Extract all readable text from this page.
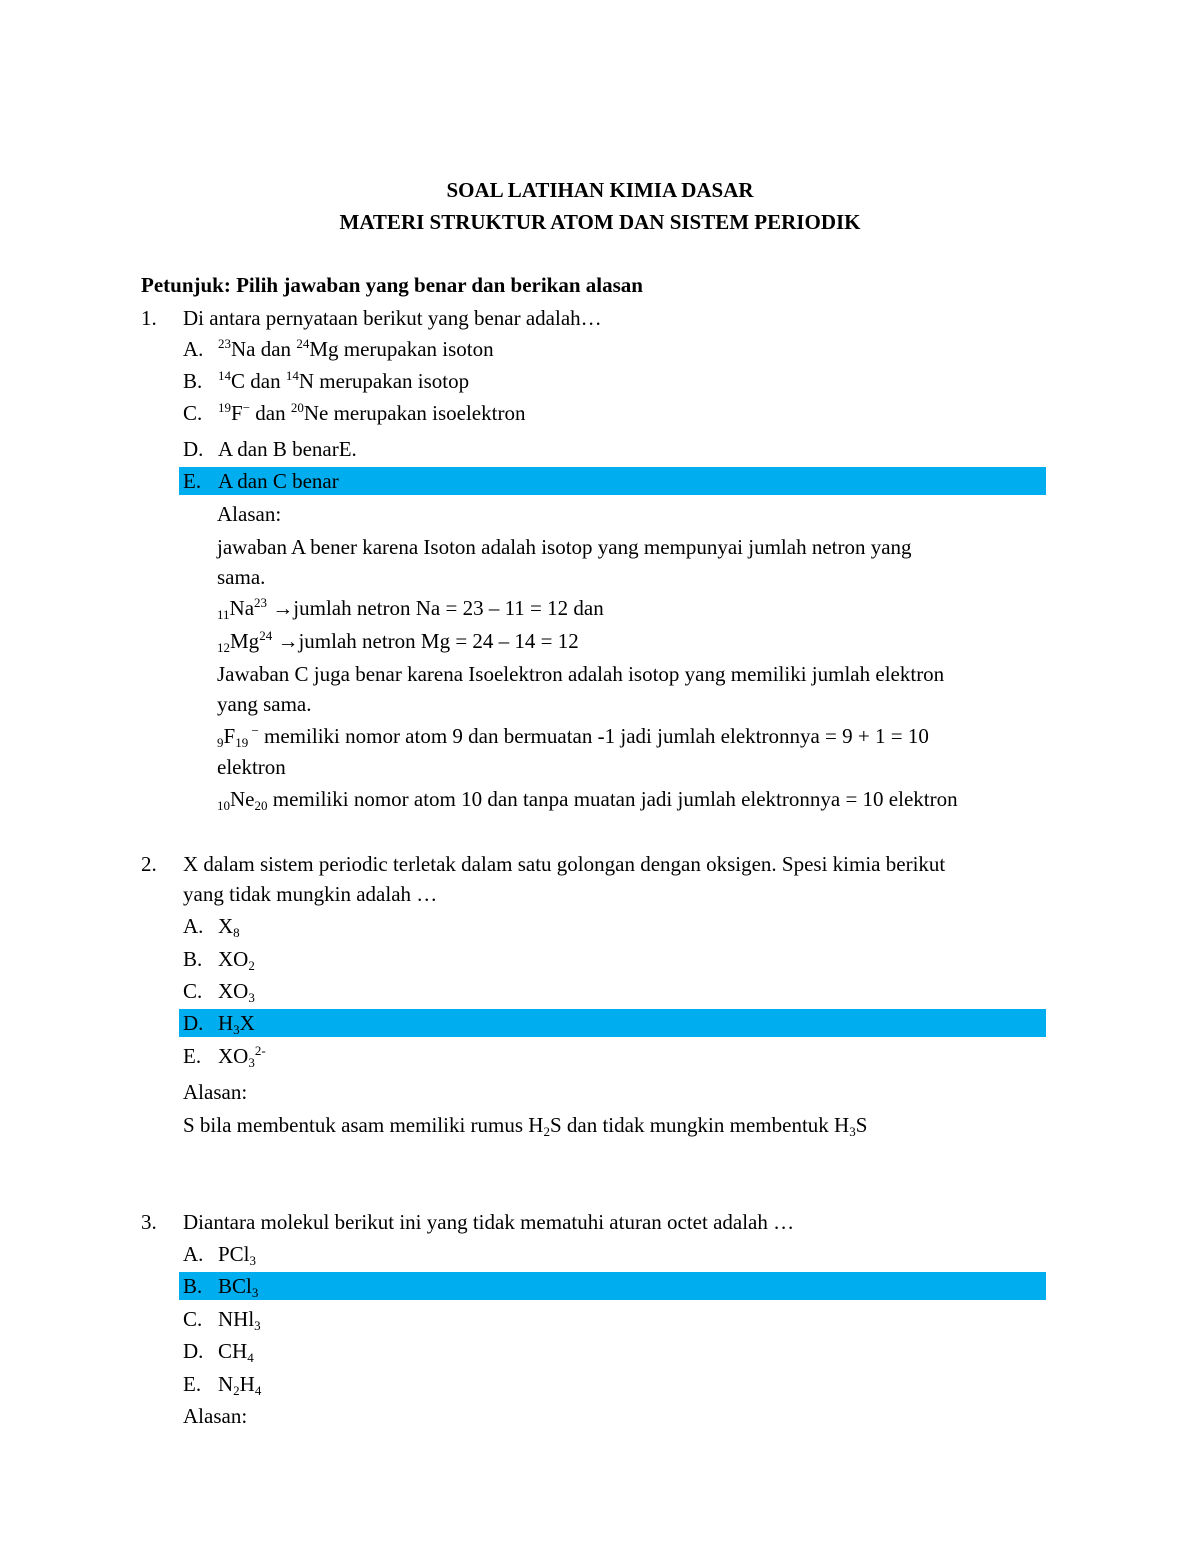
SOAL LATIHAN KIMIA DASAR
MATERI STRUKTUR ATOM DAN SISTEM PERIODIK
Petunjuk: Pilih jawaban yang benar dan berikan alasan
1. Di antara pernyataan berikut yang benar adalah…
A. $^{23}$Na dan $^{24}$Mg merupakan isoton
B. $^{14}$C dan $^{14}$N merupakan isotop
C. $^{19}$F− dan $^{20}$Ne merupakan isoelektron
D. A dan B benarE.
E. A dan C benar
Alasan:
jawaban A bener karena Isoton adalah isotop yang mempunyai jumlah netron yang
sama.
$_{11}Na^{23}$ →jumlah netron Na = 23 – 11 = 12 dan
$_{12}Mg^{24}$ →jumlah netron Mg = 24 – 14 = 12
Jawaban C juga benar karena Isoelektron adalah isotop yang memiliki jumlah elektron
yang sama.
$_9F_{19}$ − memiliki nomor atom 9 dan bermuatan -1 jadi jumlah elektronnya = 9 + 1 = 10
elektron
$_{10}Ne_{20}$ memiliki nomor atom 10 dan tanpa muatan jadi jumlah elektronnya = 10 elektron
2. X dalam sistem periodic terletak dalam satu golongan dengan oksigen. Spesi kimia berikut
yang tidak mungkin adalah …
A. $X_8$
B. $XO_2$
C. $XO_3$
D. $H_3X$
E. $XO_3^{2-}$
Alasan:
S bila membentuk asam memiliki rumus $H_2S$ dan tidak mungkin membentuk $H_3S$
3. Diantara molekul berikut ini yang tidak mematuhi aturan octet adalah …
A. PCl$_3$
B. BCl$_3$
C. NHl$_3$
D. $CH_4$
E. $N_2H_4$
Alasan:
